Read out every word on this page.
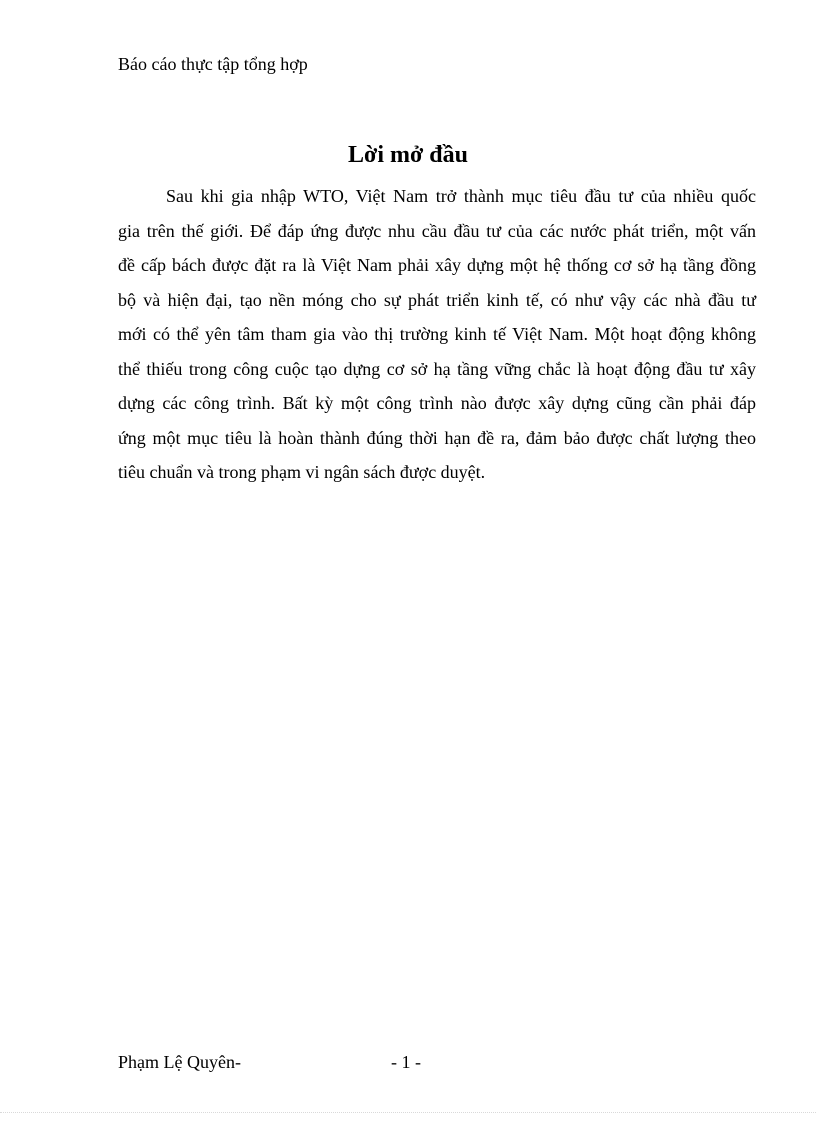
Báo cáo thực tập tổng hợp
Lời mở đầu
Sau khi gia nhập WTO, Việt Nam trở thành mục tiêu đầu tư của nhiều quốc
gia trên thế giới. Để đáp ứng được nhu cầu đầu tư của các nước phát triển, một vấn
đề cấp bách được đặt ra là Việt Nam phải xây dựng một hệ thống cơ sở hạ tầng đồng
bộ và hiện đại, tạo nền móng cho sự phát triển kinh tế, có như vậy các nhà đầu tư
mới có thể yên tâm tham gia vào thị trường kinh tế Việt Nam. Một hoạt động không
thể thiếu trong công cuộc tạo dựng cơ sở hạ tầng vững chắc là hoạt động đầu tư xây
dựng các công trình. Bất kỳ một công trình nào được xây dựng cũng cần phải đáp
ứng một mục tiêu là hoàn thành đúng thời hạn đề ra, đảm bảo được chất lượng theo
tiêu chuẩn và trong phạm vi ngân sách được duyệt.
Phạm Lệ Quyên-	- 1 -
